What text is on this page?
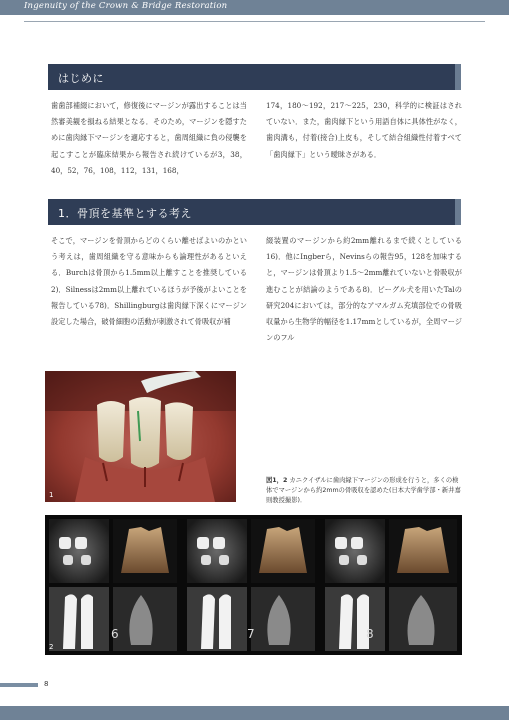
Ingenuity of the Crown & Bridge Restoration
はじめに
歯歯部補綴において，修復後にマージンが露出することは当然審美観を損ねる結果となる．そのため，マージンを隠すために歯肉縁下マージンを適応すると，歯周組織に負の侵襲を起こすことが臨床結果から報告され続けているが3，38，40，52，76，108，112，131，168，
174，180〜192，217〜225，230，科学的に検証はされていない．また，歯肉縁下という用語自体に具体性がなく，歯肉溝も，付着(接合)上皮も，そして結合組織性付着すべて「歯肉縁下」という曖昧さがある．
1．骨頂を基準とする考え
そこで，マージンを骨頂からどのくらい離せばよいのかという考えは，歯周組織を守る意味からも論理性があるといえる．Burchは骨頂から1.5mm以上離すことを推奨している2)．Silnessは2mm以上離れているほうが予後がよいことを報告している78)．Shillingburgは歯肉縁下深くにマージン設定した場合，破骨細胞の活動が刺激されて骨吸収が補
綴装置のマージンから約2mm離れるまで続くとしている16)．他にIngberら，Nevinsらの報告95，128を加味すると，マージンは骨頂より1.5〜2mm離れていないと骨吸収が進むことが結論のようである8)．ビーグル犬を用いたTalの研究204においては，部分的なアマルガム充填部位での骨吸収量から生物学的幅径を1.17mmとしているが，全周マージンのフル
1
図1，2 カニクイザルに歯肉縁下マージンの形成を行うと，多くの検体でマージンから約2mmの骨吸収を認めた(日本大学歯学部・新井嘉則教授撮影)．
6	7	8
2
8
